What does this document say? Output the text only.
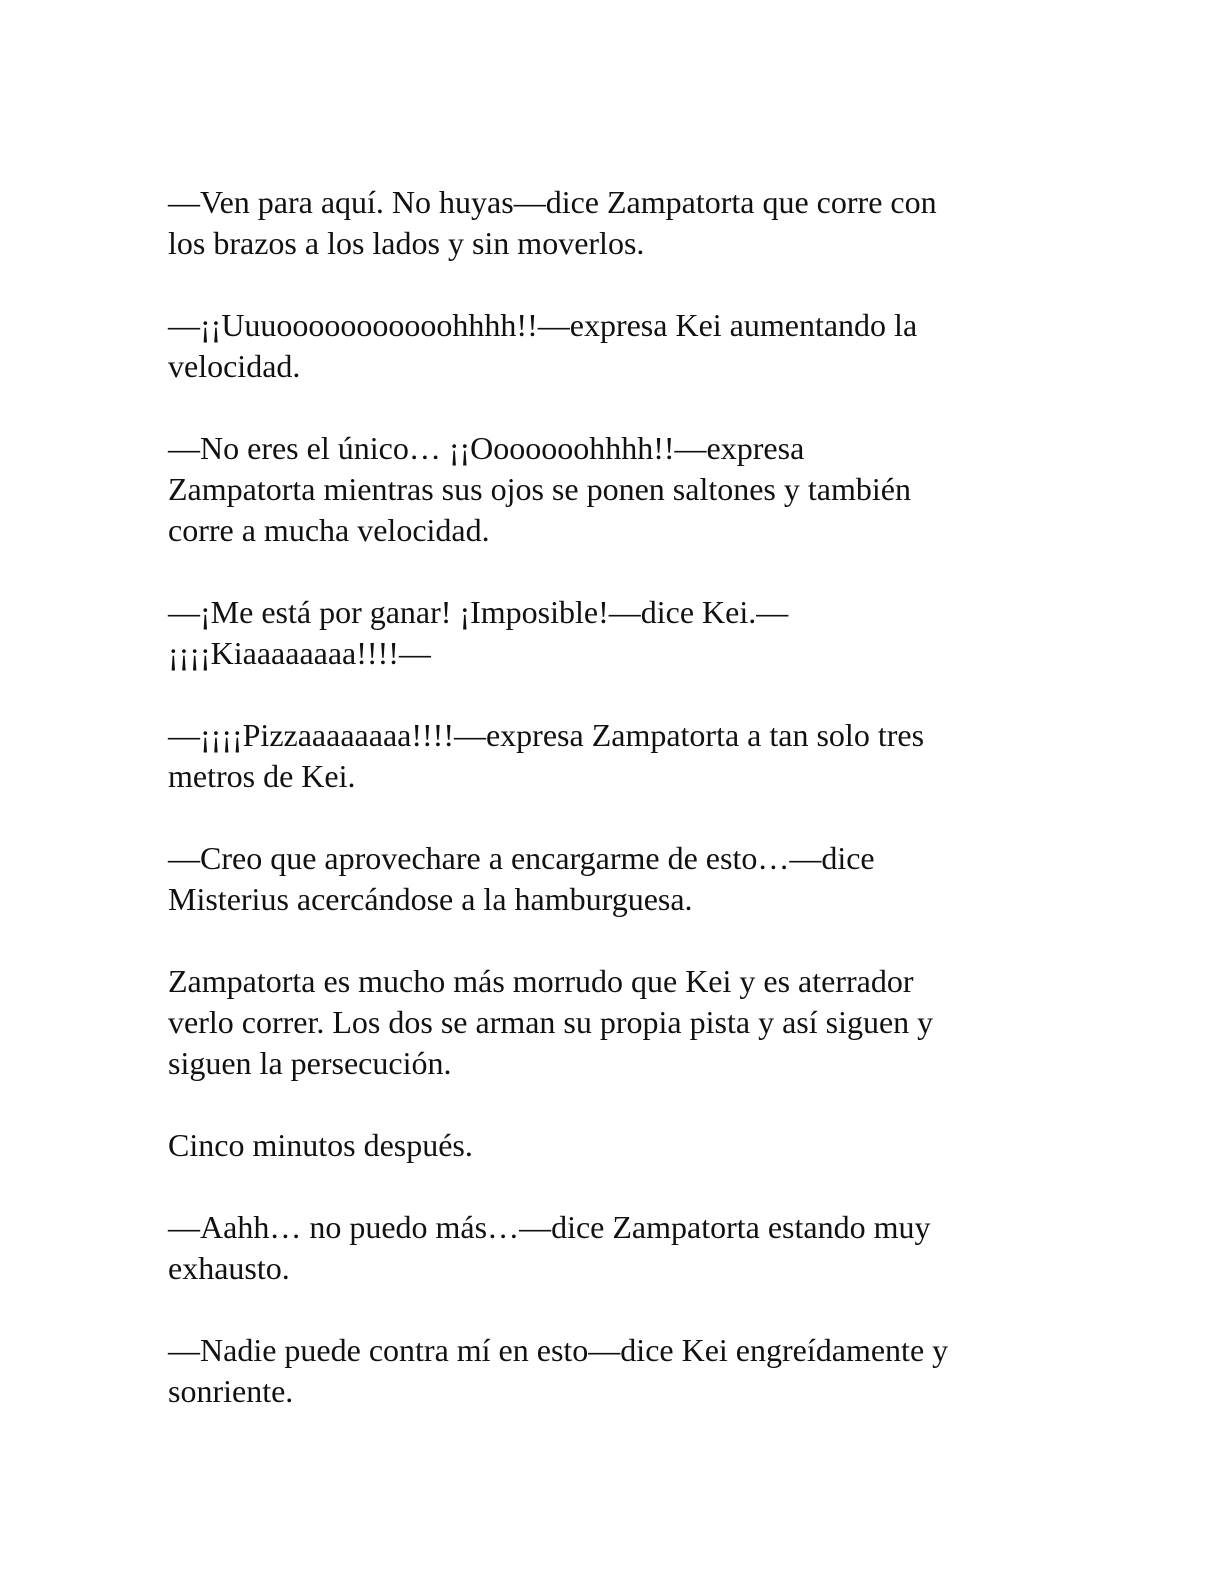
—Ven para aquí. No huyas—dice Zampatorta que corre con
los brazos a los lados y sin moverlos.

—¡¡Uuuooooooooooohhhh!!—expresa Kei aumentando la
velocidad.

—No eres el único… ¡¡Ooooooohhhh!!—expresa
Zampatorta mientras sus ojos se ponen saltones y también
corre a mucha velocidad.

—¡Me está por ganar! ¡Imposible!—dice Kei.—
¡¡¡¡Kiaaaaaaaa!!!!—

—¡¡¡¡Pizzaaaaaaaa!!!!—expresa Zampatorta a tan solo tres
metros de Kei.

—Creo que aprovechare a encargarme de esto…—dice
Misterius acercándose a la hamburguesa.

Zampatorta es mucho más morrudo que Kei y es aterrador
verlo correr. Los dos se arman su propia pista y así siguen y
siguen la persecución.

Cinco minutos después.

—Aahh… no puedo más…—dice Zampatorta estando muy
exhausto.

—Nadie puede contra mí en esto—dice Kei engreídamente y
sonriente.
